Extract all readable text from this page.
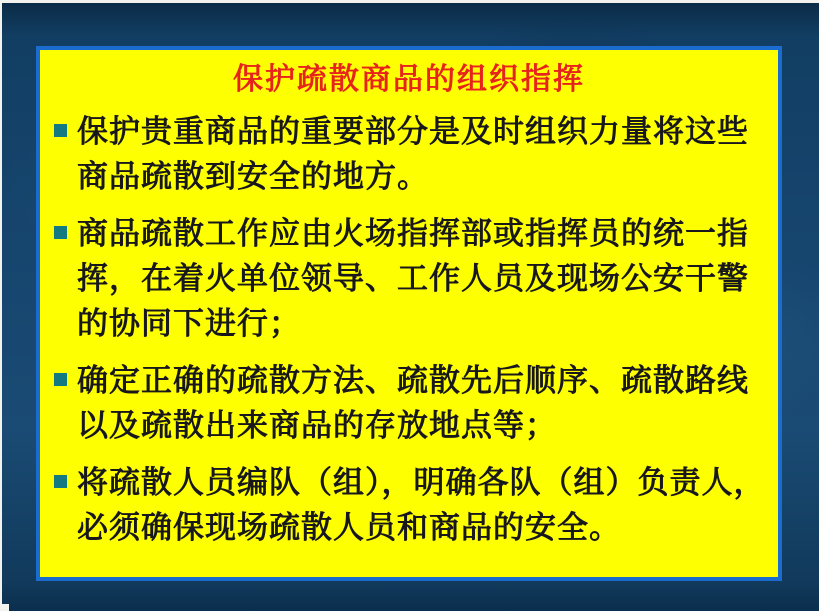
保护疏散商品的组织指挥
保护贵重商品的重要部分是及时组织力量将这些
商品疏散到安全的地方。
商品疏散工作应由火场指挥部或指挥员的统一指
挥，在着火单位领导、工作人员及现场公安干警
的协同下进行；
确定正确的疏散方法、疏散先后顺序、疏散路线
以及疏散出来商品的存放地点等；
将疏散人员编队（组），明确各队（组）负责人，
必须确保现场疏散人员和商品的安全。
